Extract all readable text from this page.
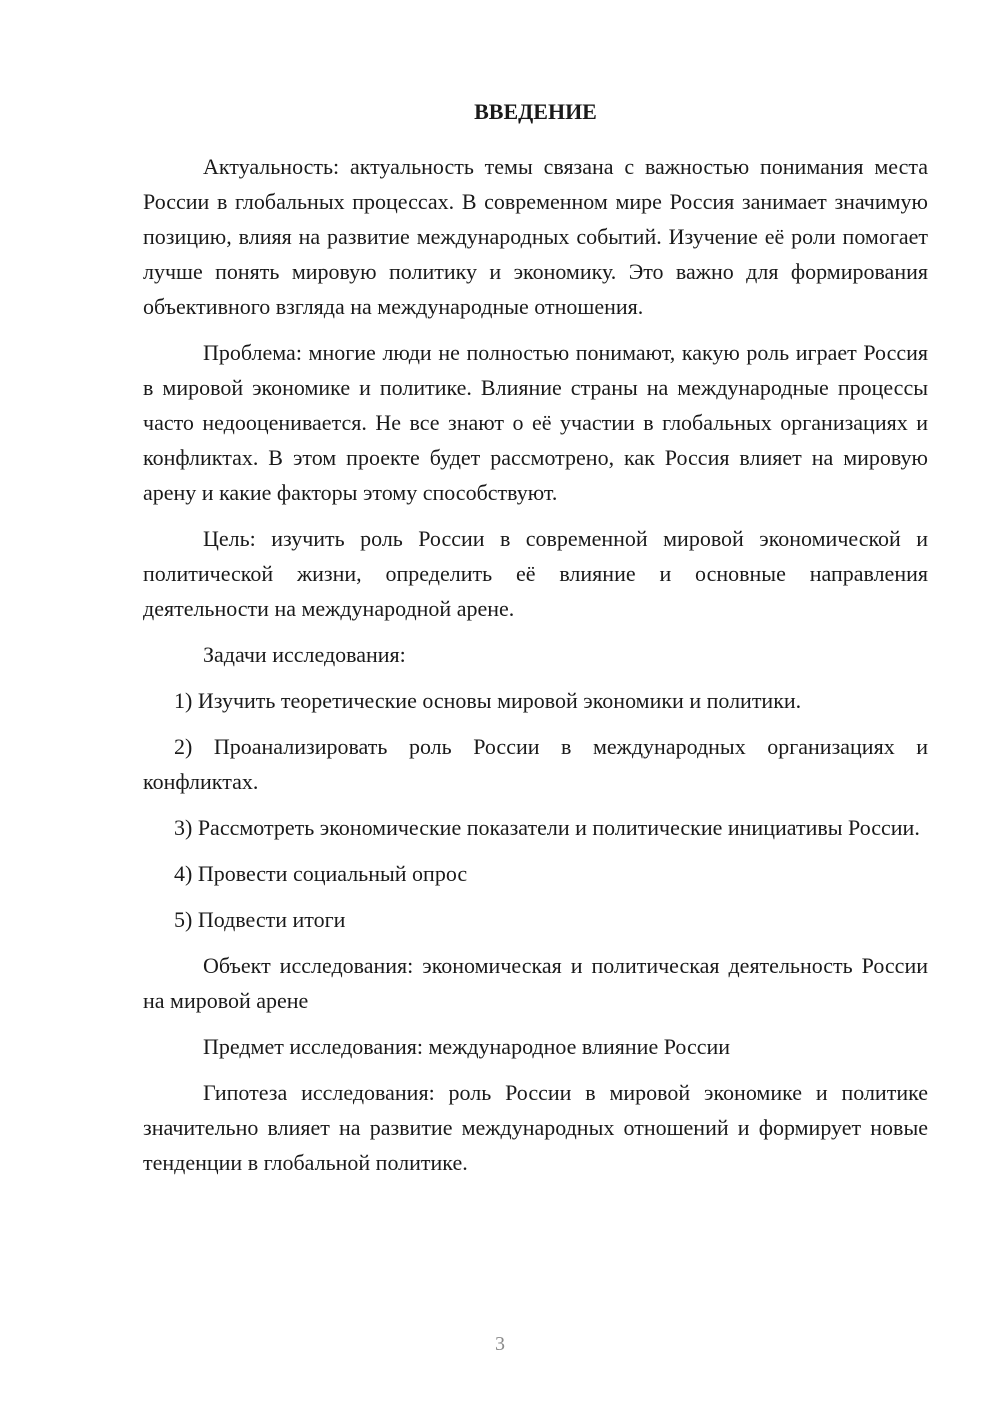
ВВЕДЕНИЕ

Актуальность: актуальность темы связана с важностью понимания места России в глобальных процессах. В современном мире Россия занимает значимую позицию, влияя на развитие международных событий. Изучение её роли помогает лучше понять мировую политику и экономику. Это важно для формирования объективного взгляда на международные отношения.

Проблема: многие люди не полностью понимают, какую роль играет Россия в мировой экономике и политике. Влияние страны на международные процессы часто недооценивается. Не все знают о её участии в глобальных организациях и конфликтах. В этом проекте будет рассмотрено, как Россия влияет на мировую арену и какие факторы этому способствуют.

Цель: изучить роль России в современной мировой экономической и политической жизни, определить её влияние и основные направления деятельности на международной арене.

Задачи исследования:

1) Изучить теоретические основы мировой экономики и политики.

2) Проанализировать роль России в международных организациях и конфликтах.

3) Рассмотреть экономические показатели и политические инициативы России.

4) Провести социальный опрос

5) Подвести итоги

Объект исследования: экономическая и политическая деятельность России на мировой арене

Предмет исследования: международное влияние России

Гипотеза исследования: роль России в мировой экономике и политике значительно влияет на развитие международных отношений и формирует новые тенденции в глобальной политике.

3
